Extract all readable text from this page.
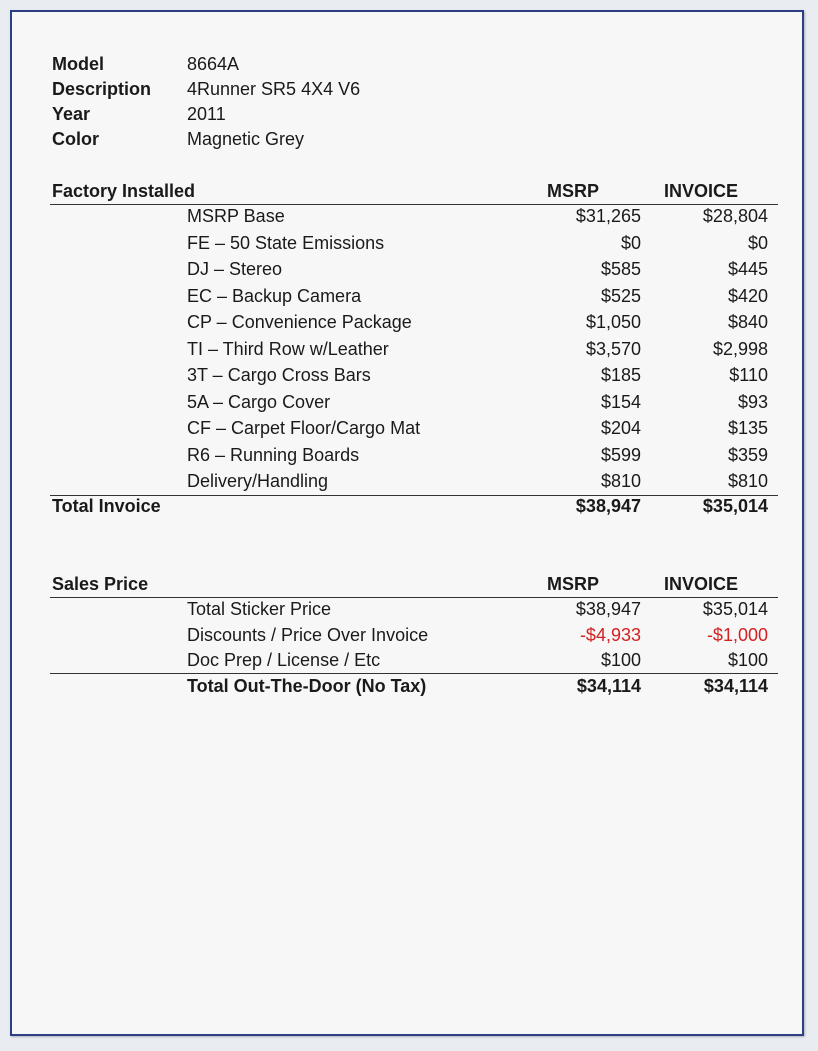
Model	8664A
Description 4Runner SR5 4X4 V6
Year	2011
Color	Magnetic Grey
Factory Installed	MSRP	INVOICE
MSRP Base	$31,265	$28,804
FE – 50 State Emissions	$0	$0
DJ – Stereo	$585	$445
EC – Backup Camera	$525	$420
CP – Convenience Package	$1,050	$840
TI – Third Row w/Leather	$3,570	$2,998
3T – Cargo Cross Bars	$185	$110
5A – Cargo Cover	$154	$93
CF – Carpet Floor/Cargo Mat	$204	$135
R6 – Running Boards	$599	$359
Delivery/Handling	$810	$810
Total Invoice	$38,947	$35,014
Sales Price	MSRP	INVOICE
Total Sticker Price	$38,947	$35,014
Discounts / Price Over Invoice	-$4,933	-$1,000
Doc Prep / License / Etc	$100	$100
Total Out-The-Door (No Tax)	$34,114	$34,114
